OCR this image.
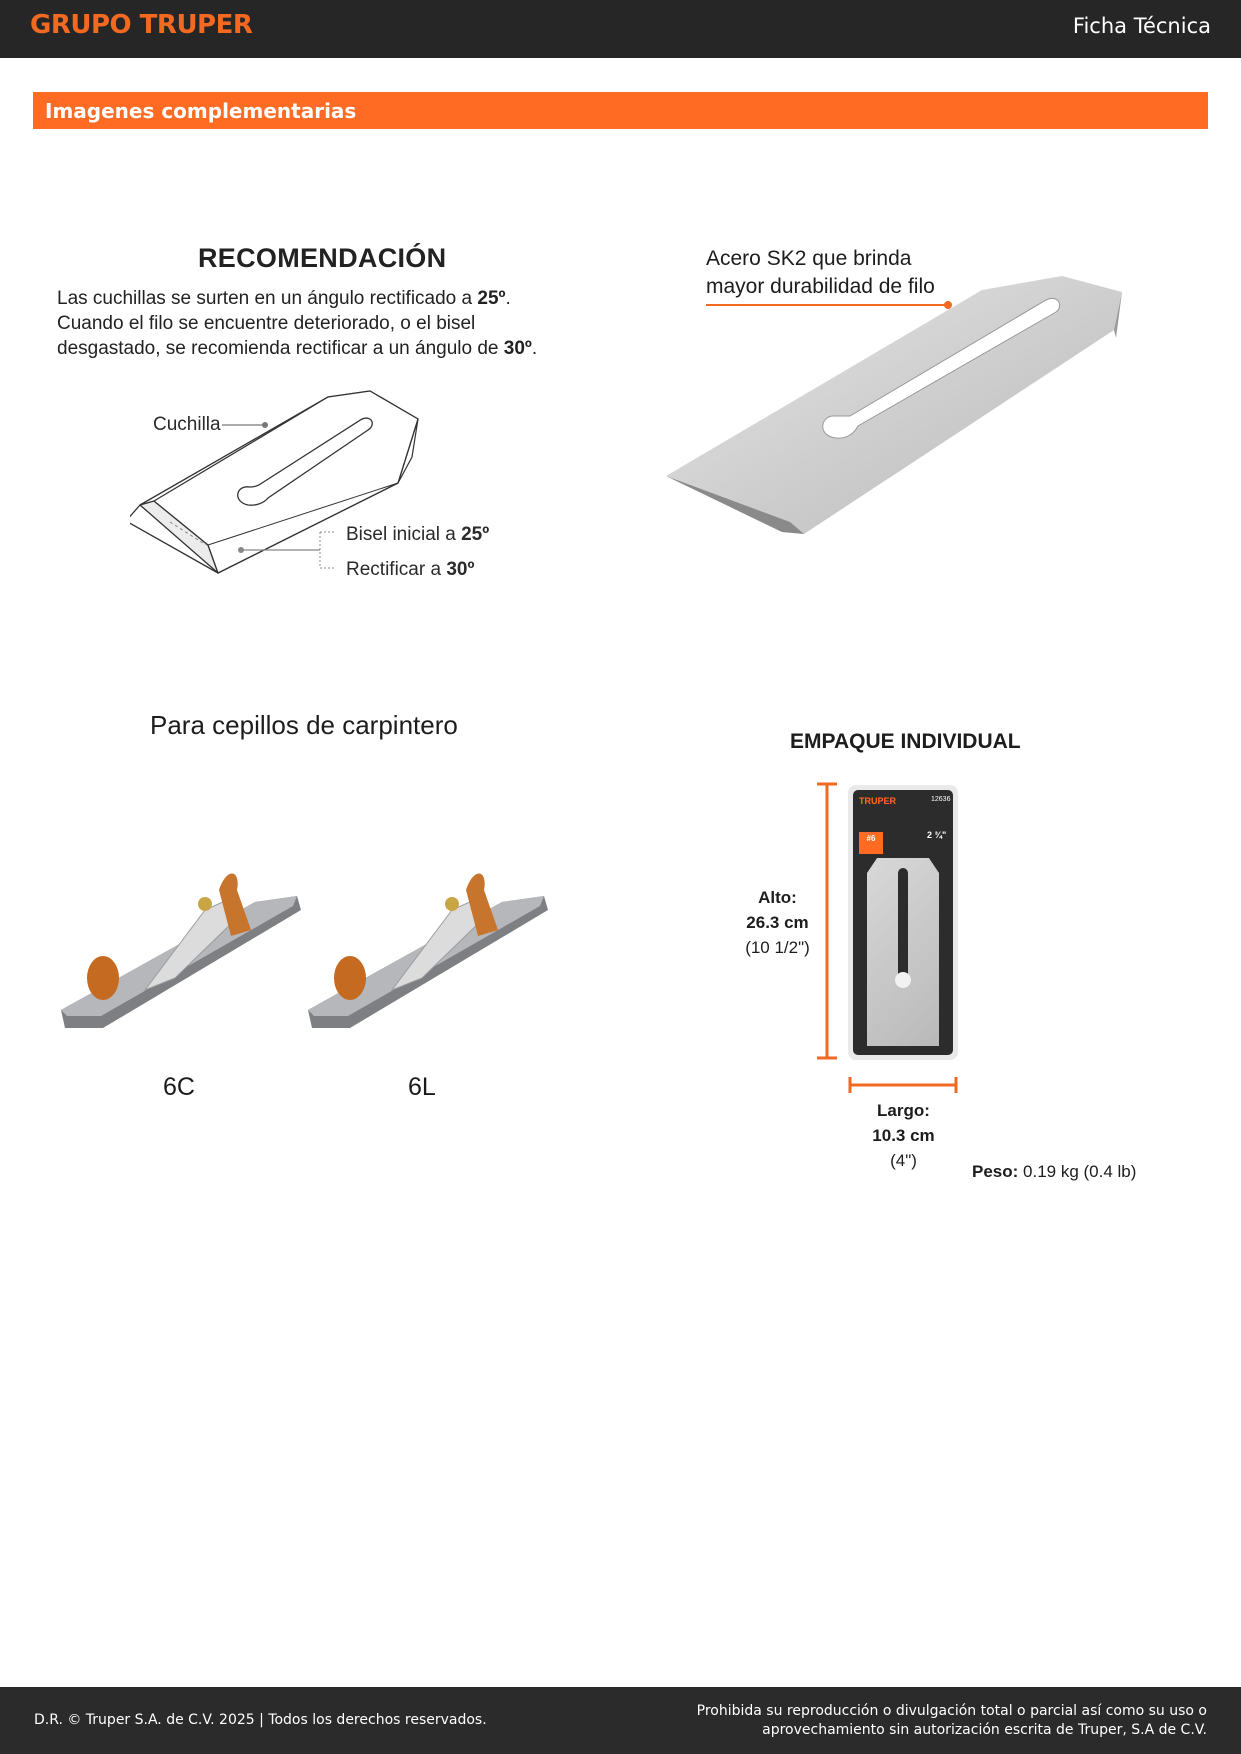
GRUPO TRUPER	Ficha Técnica
Imagenes complementarias
RECOMENDACIÓN
Las cuchillas se surten en un ángulo rectificado a 25º.
Cuando el filo se encuentre deteriorado, o el bisel
desgastado, se recomienda rectificar a un ángulo de 30º.
Cuchilla
Bisel inicial a 25º
Rectificar a 30º
Acero SK2 que brinda
mayor durabilidad de filo
Para cepillos de carpintero
6C	6L
EMPAQUE INDIVIDUAL
Alto:
26.3 cm
(10 1/2")
TRUPER	12636
#6	2 ¾"
Largo:
10.3 cm
(4")
Peso: 0.19 kg (0.4 lb)
D.R. © Truper S.A. de C.V. 2025 | Todos los derechos reservados.
Prohibida su reproducción o divulgación total o parcial así como su uso o
aprovechamiento sin autorización escrita de Truper, S.A de C.V.
